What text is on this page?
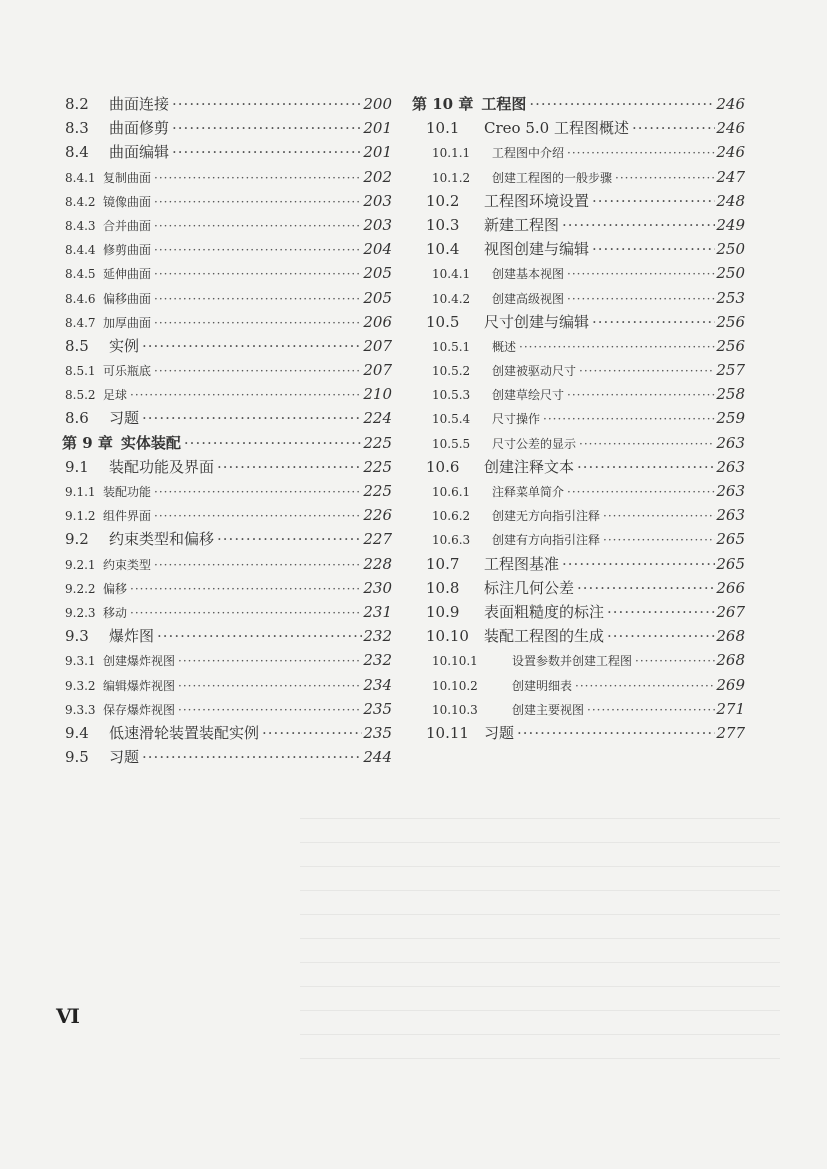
8.2	曲面连接 ·····	200
8.3	曲面修剪 ·····	201
8.4	曲面编辑 ·····	201
8.4.1 复制曲面 ·····	202
8.4.2 镜像曲面 ·····	203
8.4.3 合并曲面 ·····	203
8.4.4 修剪曲面 ·····	204
8.4.5 延伸曲面 ·····	205
8.4.6 偏移曲面 ·····	205
8.4.7 加厚曲面 ·····	206
8.5	实例 ·····	207
8.5.1 可乐瓶底 ·····	207
8.5.2 足球 ·····	210
8.6	习题 ·····	224
第 9 章 实体装配 ·····	225
9.1	装配功能及界面 ·····	225
9.1.1 装配功能 ·····	225
9.1.2 组件界面 ·····	226
9.2	约束类型和偏移 ·····	227
9.2.1 约束类型 ·····	228
9.2.2 偏移 ·····	230
9.2.3 移动 ·····	231
9.3	爆炸图 ·····	232
9.3.1 创建爆炸视图 ·····	232
9.3.2 编辑爆炸视图 ·····	234
9.3.3 保存爆炸视图 ·····	235
9.4	低速滑轮装置装配实例 ·····	235
9.5	习题 ·····	244
第 10 章 工程图 ·····	246
10.1	Creo 5.0 工程图概述 ·····	246
10.1.1	工程图中介绍 ·····	246
10.1.2	创建工程图的一般步骤 ·····	247
10.2	工程图环境设置 ·····	248
10.3	新建工程图 ·····	249
10.4	视图创建与编辑 ·····	250
10.4.1	创建基本视图 ·····	250
10.4.2	创建高级视图 ·····	253
10.5	尺寸创建与编辑 ·····	256
10.5.1	概述 ·····	256
10.5.2	创建被驱动尺寸 ·····	257
10.5.3	创建草绘尺寸 ·····	258
10.5.4	尺寸操作 ·····	259
10.5.5	尺寸公差的显示 ·····	263
10.6	创建注释文本 ·····	263
10.6.1	注释菜单简介 ·····	263
10.6.2	创建无方向指引注释 ·····	263
10.6.3	创建有方向指引注释 ·····	265
10.7	工程图基准 ·····	265
10.8	标注几何公差 ·····	266
10.9	表面粗糙度的标注 ·····	267
10.10	装配工程图的生成 ·····	268
10.10.1	设置参数并创建工程图 ·····	268
10.10.2	创建明细表 ·····	269
10.10.3	创建主要视图 ·····	271
10.11	习题 ·····	277
VI
